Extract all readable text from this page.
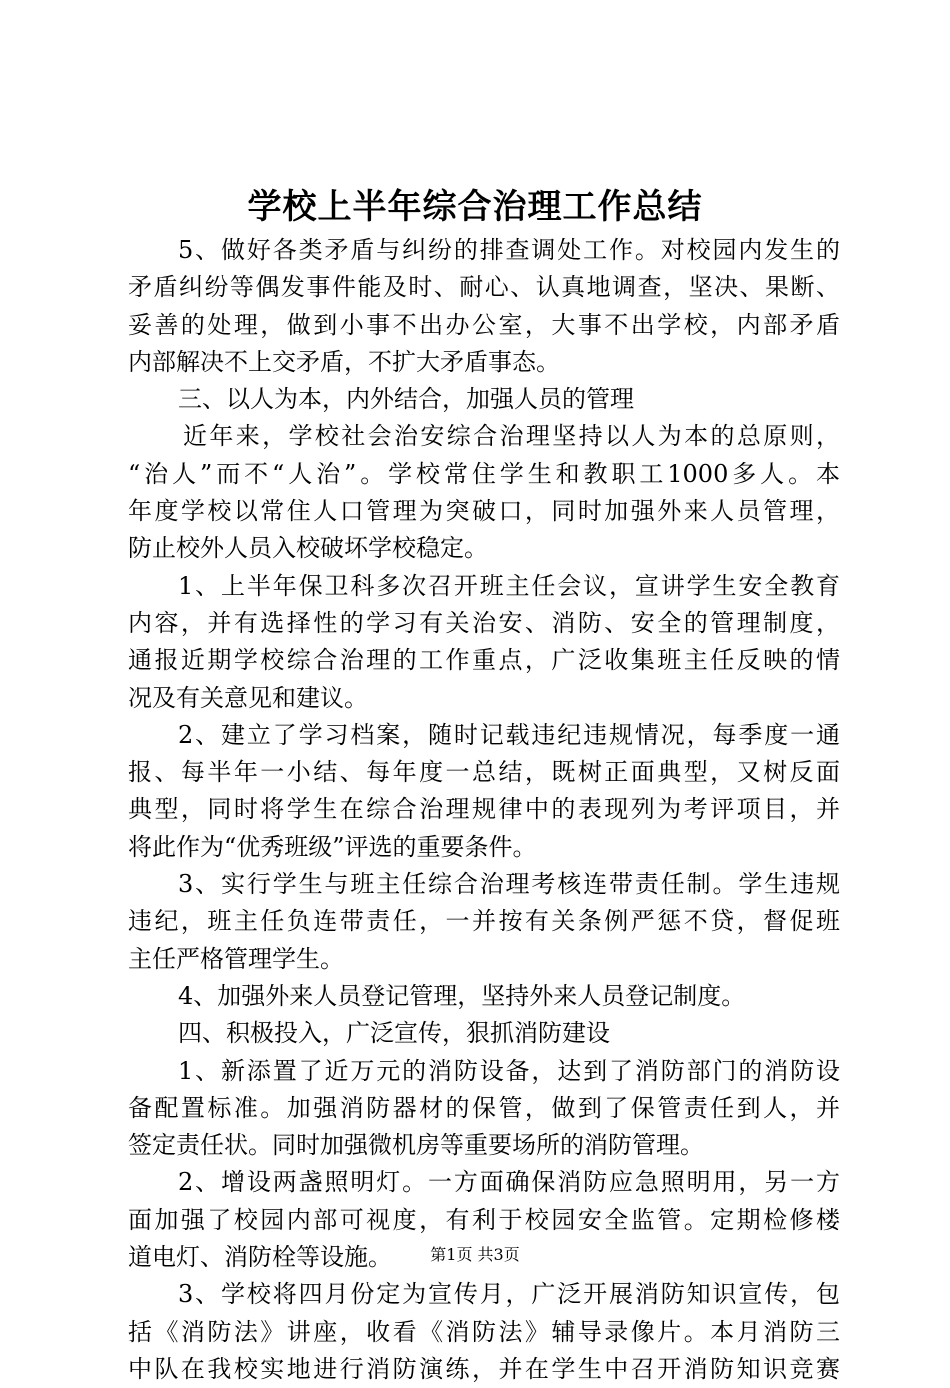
学校上半年综合治理工作总结
5、做好各类矛盾与纠纷的排查调处工作。对校园内发生的
矛盾纠纷等偶发事件能及时、耐心、认真地调查，坚决、果断、
妥善的处理，做到小事不出办公室，大事不出学校，内部矛盾
内部解决不上交矛盾，不扩大矛盾事态。
三、以人为本，内外结合，加强人员的管理
近年来，学校社会治安综合治理坚持以人为本的总原则，
“治人”而不“人治”。学校常住学生和教职工1000多人。本
年度学校以常住人口管理为突破口，同时加强外来人员管理，
防止校外人员入校破坏学校稳定。
1、上半年保卫科多次召开班主任会议，宣讲学生安全教育
内容，并有选择性的学习有关治安、消防、安全的管理制度，
通报近期学校综合治理的工作重点，广泛收集班主任反映的情
况及有关意见和建议。
2、建立了学习档案，随时记载违纪违规情况，每季度一通
报、每半年一小结、每年度一总结，既树正面典型，又树反面
典型，同时将学生在综合治理规律中的表现列为考评项目，并
将此作为“优秀班级”评选的重要条件。
3、实行学生与班主任综合治理考核连带责任制。学生违规
违纪，班主任负连带责任，一并按有关条例严惩不贷，督促班
主任严格管理学生。
4、加强外来人员登记管理，坚持外来人员登记制度。
四、积极投入，广泛宣传，狠抓消防建设
1、新添置了近万元的消防设备，达到了消防部门的消防设
备配置标准。加强消防器材的保管，做到了保管责任到人，并
签定责任状。同时加强微机房等重要场所的消防管理。
2、增设两盏照明灯。一方面确保消防应急照明用，另一方
面加强了校园内部可视度，有利于校园安全监管。定期检修楼
道电灯、消防栓等设施。
3、学校将四月份定为宣传月，广泛开展消防知识宣传，包
括《消防法》讲座，收看《消防法》辅导录像片。本月消防三
中队在我校实地进行消防演练，并在学生中召开消防知识竞赛
第1页 共3页
